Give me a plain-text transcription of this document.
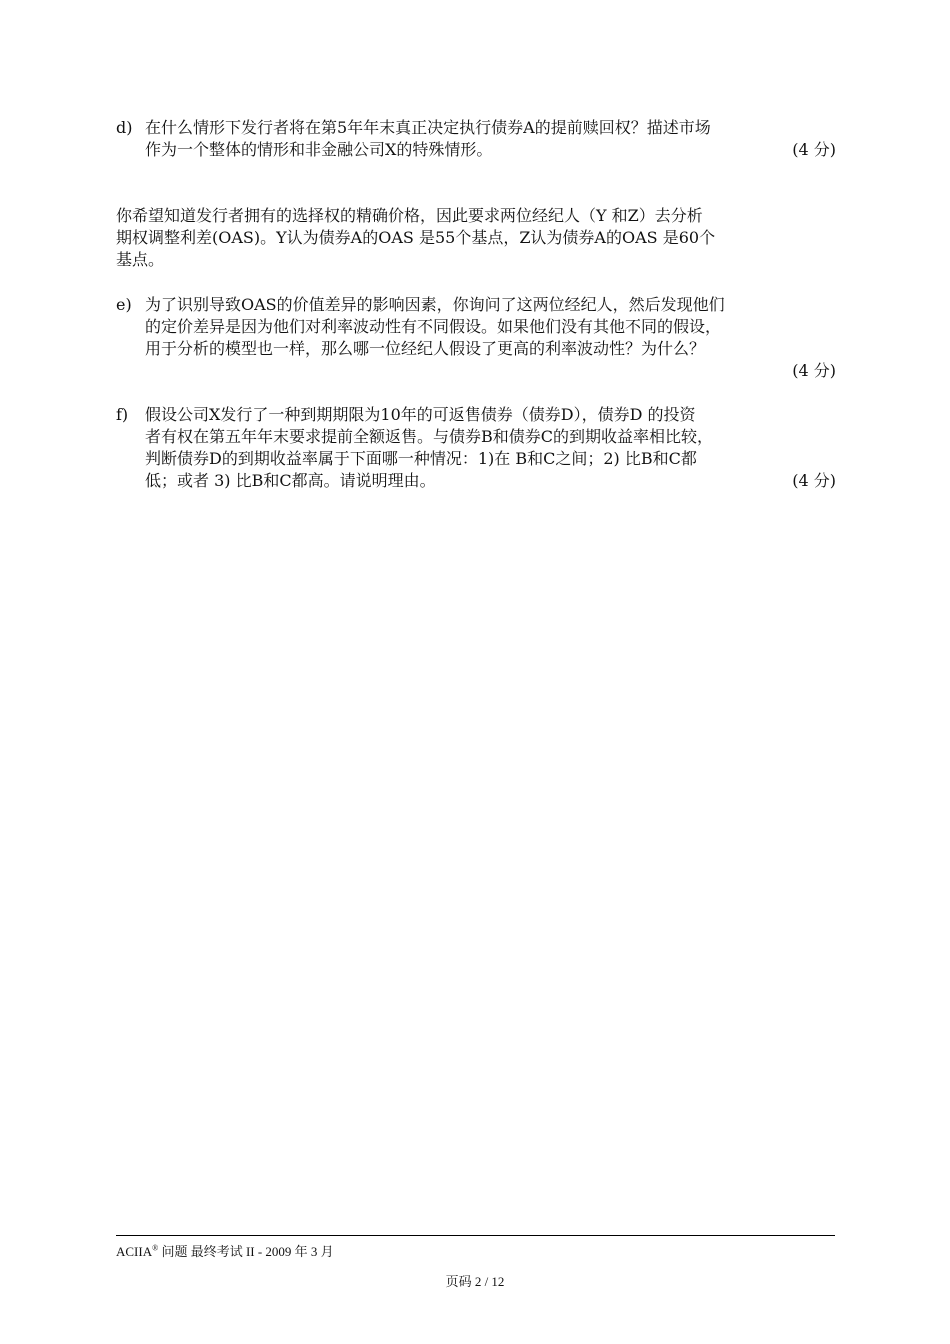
d) 在什么情形下发行者将在第5年年末真正决定执行债券A的提前赎回权？描述市场
作为一个整体的情形和非金融公司X的特殊情形。	(4 分)
你希望知道发行者拥有的选择权的精确价格，因此要求两位经纪人（Y 和Z）去分析
期权调整利差(OAS)。Y认为债券A的OAS 是55个基点，Z认为债券A的OAS 是60个
基点。
e) 为了识别导致OAS的价值差异的影响因素，你询问了这两位经纪人，然后发现他们
的定价差异是因为他们对利率波动性有不同假设。如果他们没有其他不同的假设，
用于分析的模型也一样，那么哪一位经纪人假设了更高的利率波动性？为什么？
(4 分)
f)	假设公司X发行了一种到期期限为10年的可返售债券（债券D），债券D 的投资
者有权在第五年年末要求提前全额返售。与债券B和债券C的到期收益率相比较，
判断债券D的到期收益率属于下面哪一种情况：1)在 B和C之间；2) 比B和C都
低；或者 3) 比B和C都高。请说明理由。	(4 分)
ACIIA® 问题 最终考试 II - 2009 年 3 月
页码 2 / 12
